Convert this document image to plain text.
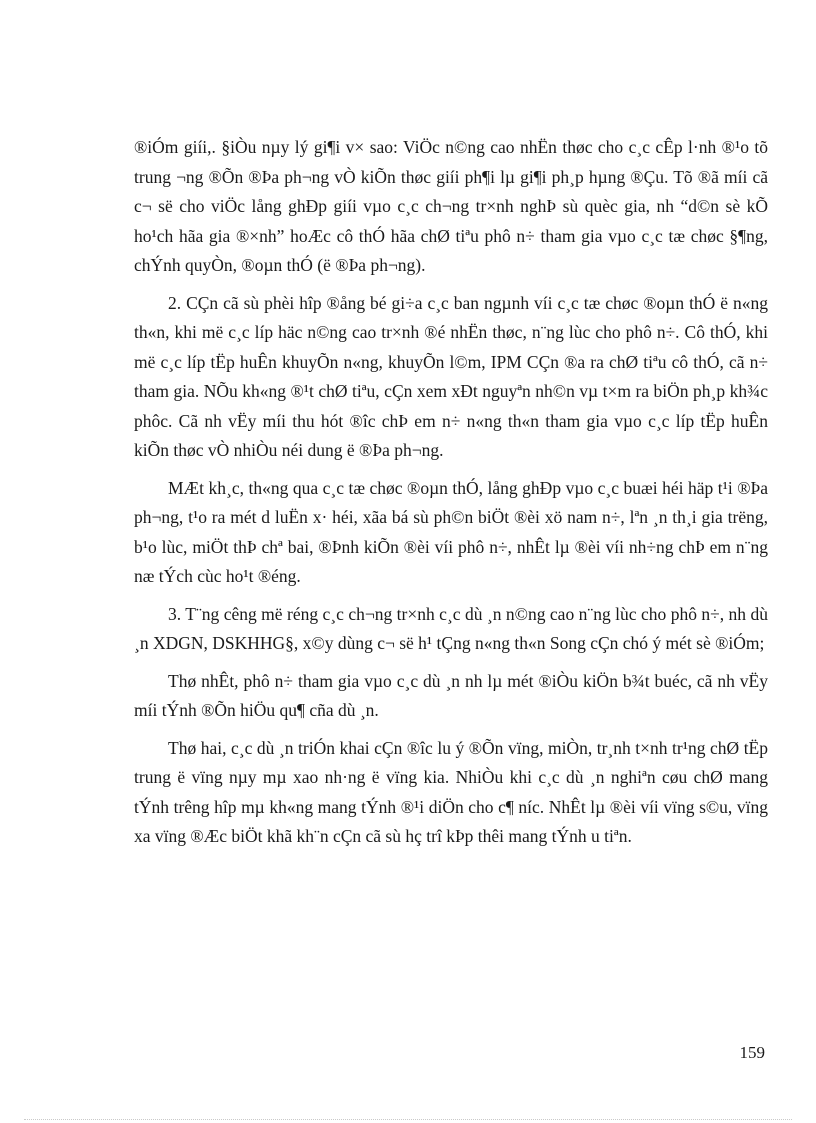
®iÓm giíi,. §iÒu nµy lý gi¶i v× sao: ViÖc n©ng cao nhËn thøc cho c¸c cÊp l·nh ®¹o tõ trung ¬ng ®Õn ®Þa ph¬ng vÒ kiÕn thøc giíi ph¶i lµ gi¶i ph¸p hµng ®Çu. Tõ ®ã míi cã c¬ së cho viÖc lång ghÐp giíi vµo c¸c ch¬ng tr×nh nghÞ sù quèc gia, nh “d©n sè kÕ ho¹ch hãa gia ®×nh” hoÆc cô thÓ hãa chØ tiªu phô n÷ tham gia vµo c¸c tæ chøc §¶ng, chÝnh quyÒn, ®oµn thÓ (ë ®Þa ph¬ng).

2. CÇn cã sù phèi hîp ®ång bé gi÷a c¸c ban ngµnh víi c¸c tæ chøc ®oµn thÓ ë n«ng th«n, khi më c¸c líp häc n©ng cao tr×nh ®é nhËn thøc, n¨ng lùc cho phô n÷. Cô thÓ, khi më c¸c líp tËp huÊn khuyÕn n«ng, khuyÕn l©m, IPM CÇn ®a ra chØ tiªu cô thÓ, cã n÷ tham gia. NÕu kh«ng ®¹t chØ tiªu, cÇn xem xÐt nguyªn nh©n vµ t×m ra biÖn ph¸p kh¾c phôc. Cã nh vËy míi thu hót ®îc chÞ em n÷ n«ng th«n tham gia vµo c¸c líp tËp huÊn kiÕn thøc vÒ nhiÒu néi dung ë ®Þa ph¬ng.

MÆt kh¸c, th«ng qua c¸c tæ chøc ®oµn thÓ, lång ghÐp vµo c¸c buæi héi häp t¹i ®Þa ph¬ng, t¹o ra mét d luËn x· héi, xãa bá sù ph©n biÖt ®èi xö nam n÷, lªn ¸n th¸i gia trëng, b¹o lùc, miÖt thÞ chª bai, ®Þnh kiÕn ®èi víi phô n÷, nhÊt lµ ®èi víi nh÷ng chÞ em n¨ng næ tÝch cùc ho¹t ®éng.

3. T¨ng cêng më réng c¸c ch¬ng tr×nh c¸c dù ¸n n©ng cao n¨ng lùc cho phô n÷, nh dù ¸n XDGN, DSKHHG§, x©y dùng c¬ së h¹ tÇng n«ng th«n Song cÇn chó ý mét sè ®iÓm;

Thø nhÊt, phô n÷ tham gia vµo c¸c dù ¸n nh lµ mét ®iÒu kiÖn b¾t buéc, cã nh vËy míi tÝnh ®Õn hiÖu qu¶ cña dù ¸n.

Thø hai, c¸c dù ¸n triÓn khai cÇn ®îc lu ý ®Õn vïng, miÒn, tr¸nh t×nh tr¹ng chØ tËp trung ë vïng nµy mµ xao nh·ng ë vïng kia. NhiÒu khi c¸c dù ¸n nghiªn cøu chØ mang tÝnh trêng hîp mµ kh«ng mang tÝnh ®¹i diÖn cho c¶ níc. NhÊt lµ ®èi víi vïng s©u, vïng xa vïng ®Æc biÖt khã kh¨n cÇn cã sù hç trî kÞp thêi mang tÝnh u tiªn.

159
